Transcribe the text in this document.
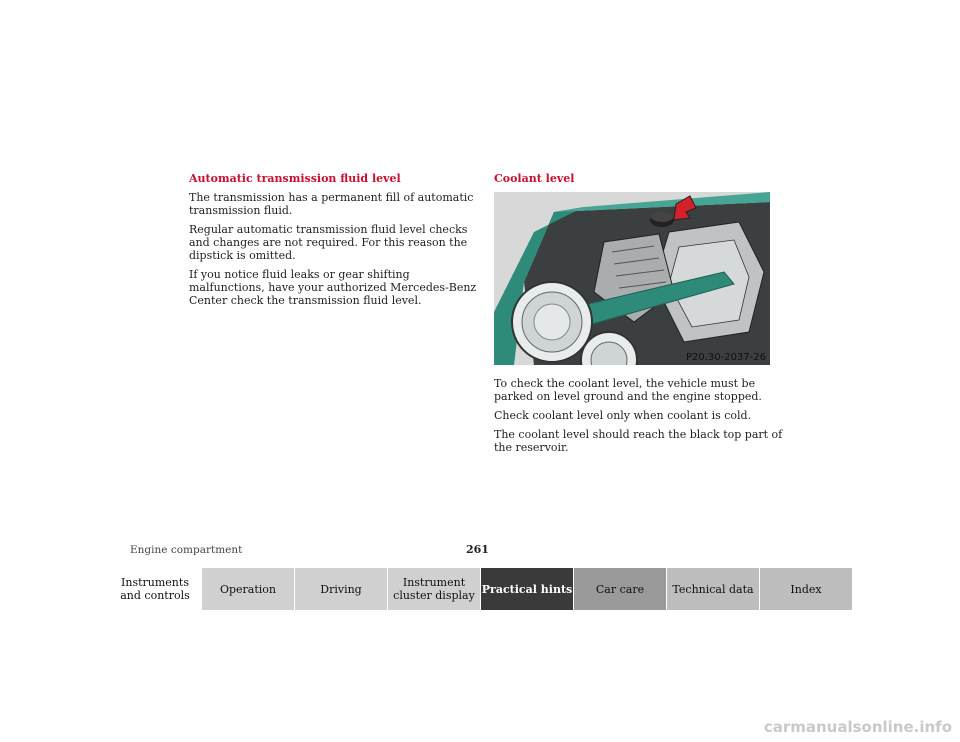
Automatic transmission fluid level

The transmission has a permanent fill of automatic transmission fluid.

Regular automatic transmission fluid level checks and changes are not required. For this reason the dipstick is omitted.

If you notice fluid leaks or gear shifting malfunctions, have your authorized Mercedes-Benz Center check the transmission fluid level.

Coolant level
P20.30-2037-26

To check the coolant level, the vehicle must be parked on level ground and the engine stopped.

Check coolant level only when coolant is cold.

The coolant level should reach the black top part of the reservoir.

Engine compartment	261
Instruments and controls	Operation	Driving	Instrument cluster display Practical hints	Car care	Technical data	Index
carmanualsonline.info
